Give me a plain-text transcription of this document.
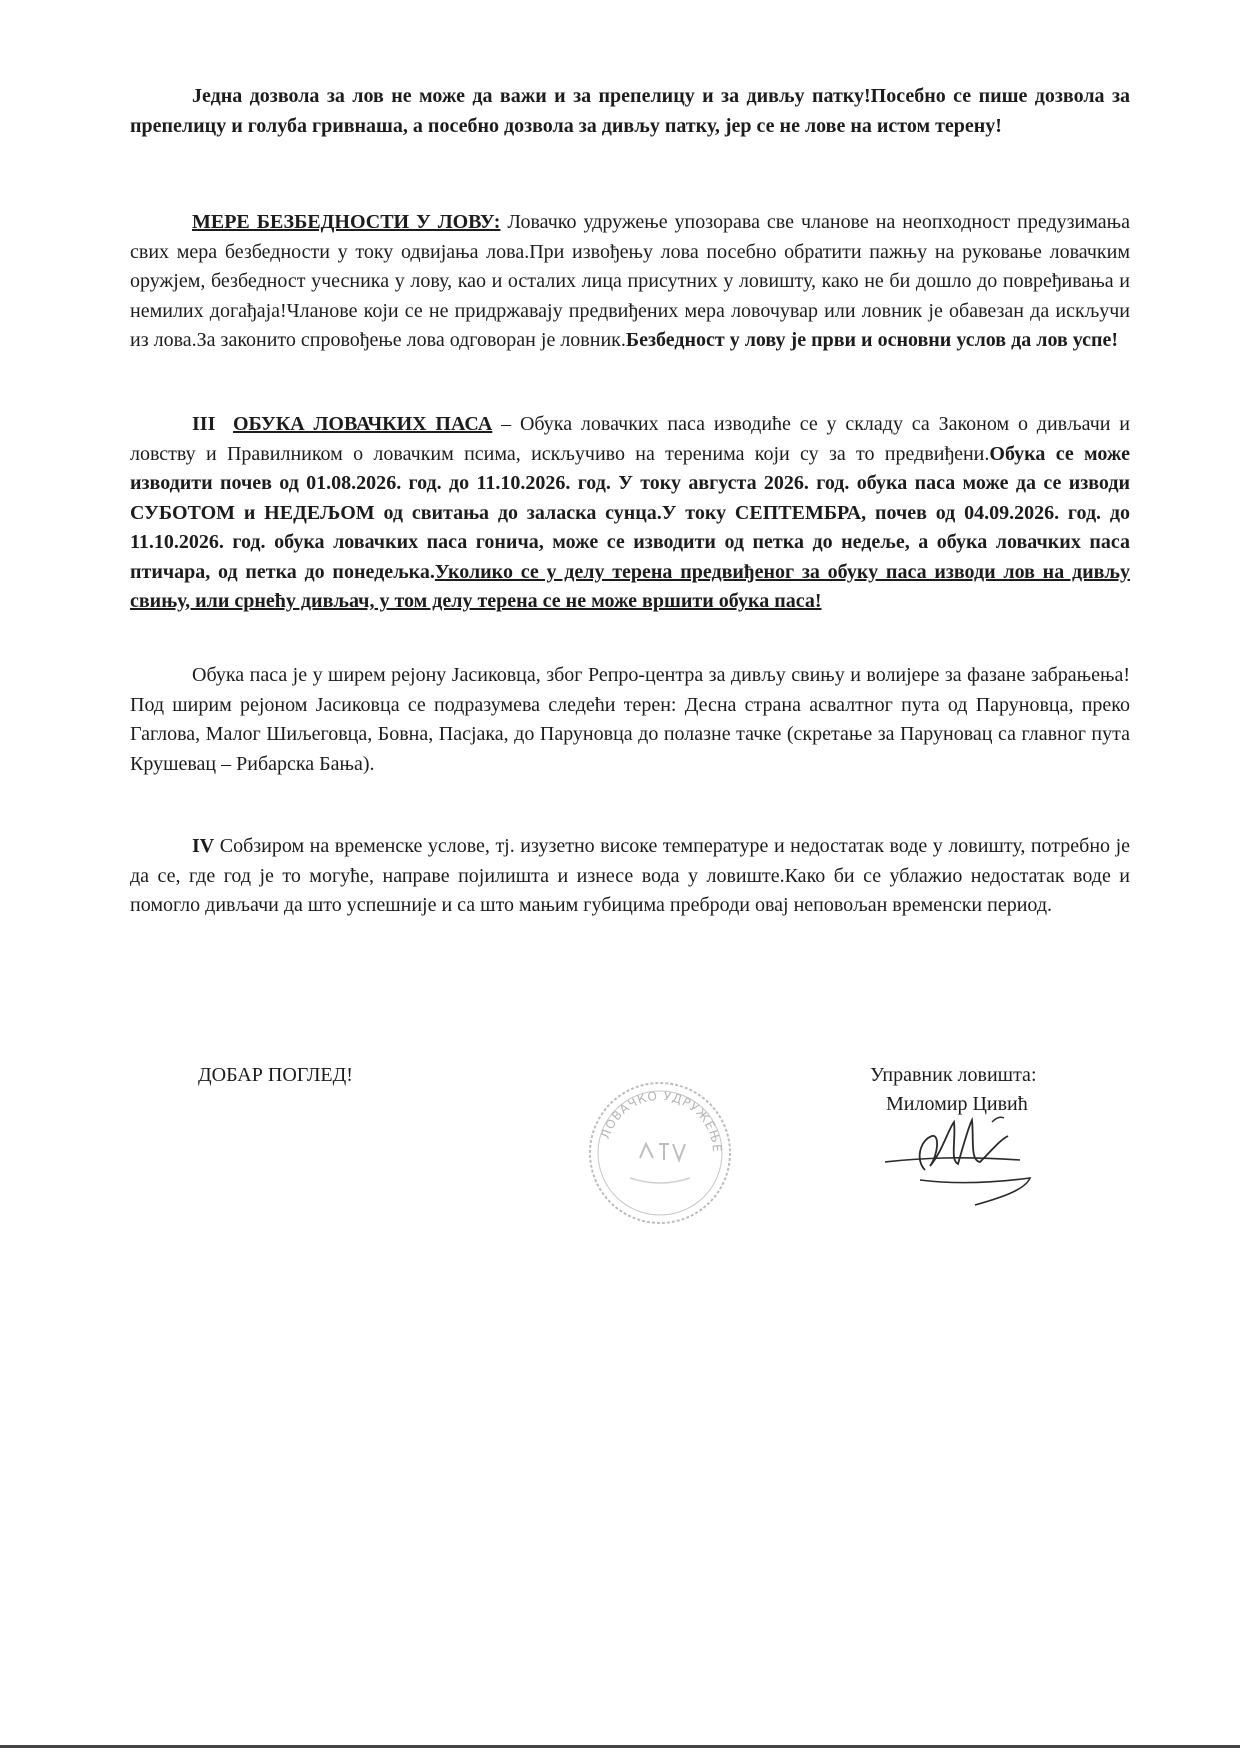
Једна дозвола за лов не може да важи и за препелицу и за дивљу патку!Посебно се пише дозвола за препелицу и голуба гривнаша, а посебно дозвола за дивљу патку, јер се не лове на истом терену!

МЕРЕ БЕЗБЕДНОСТИ У ЛОВУ: Ловачко удружење упозорава све чланове на неопходност предузимања свих мера безбедности у току одвијања лова.При извођењу лова посебно обратити пажњу на руковање ловачким оружјем, безбедност учесника у лову, као и осталих лица присутних у ловишту, како не би дошло до повређивања и немилих догађаја!Чланове који се не придржавају предвиђених мера ловочувар или ловник је обавезан да искључи из лова.За законито спровођење лова одговоран је ловник.Безбедност у лову је први и основни услов да лов успе!

III ОБУКА ЛОВАЧКИХ ПАСА – Обука ловачких паса изводиће се у складу са Законом о дивљачи и ловству и Правилником о ловачким псима, искључиво на теренима који су за то предвиђени.Обука се може изводити почев од 01.08.2026. год. до 11.10.2026. год. У току августа 2026. год. обука паса може да се изводи СУБОТОМ и НЕДЕЉОМ од свитања до заласка сунца.У току СЕПТЕМБРА, почев од 04.09.2026. год. до 11.10.2026. год. обука ловачких паса гонича, може се изводити од петка до недеље, а обука ловачких паса птичара, од петка до понедељка.Уколико се у делу терена предвиђеног за обуку паса изводи лов на дивљу свињу, или срнећу дивљач, у том делу терена се не може вршити обука паса!

Обука паса је у ширем рејону Јасиковца, због Репро-центра за дивљу свињу и волијере за фазане забрањења!Под ширим рејоном Јасиковца се подразумева следећи терен: Десна страна асвалтног пута од Паруновца, преко Гаглова, Малог Шиљеговца, Бовна, Пасјака, до Паруновца до полазне тачке (скретање за Паруновац са главног пута Крушевац – Рибарска Бања).

IV Собзиром на временске услове, тј. изузетно високе температуре и недостатак воде у ловишту, потребно је да се, где год је то могуће, направе појилишта и изнесе вода у ловиште.Како би се ублажио недостатак воде и помогло дивљачи да што успешније и са што мањим губицима преброди овај неповољан временски период.

ДОБАР ПОГЛЕД!
ЛОВАЧКО УДРУЖЕЊЕ
Управник ловишта:
Миломир Цивић
